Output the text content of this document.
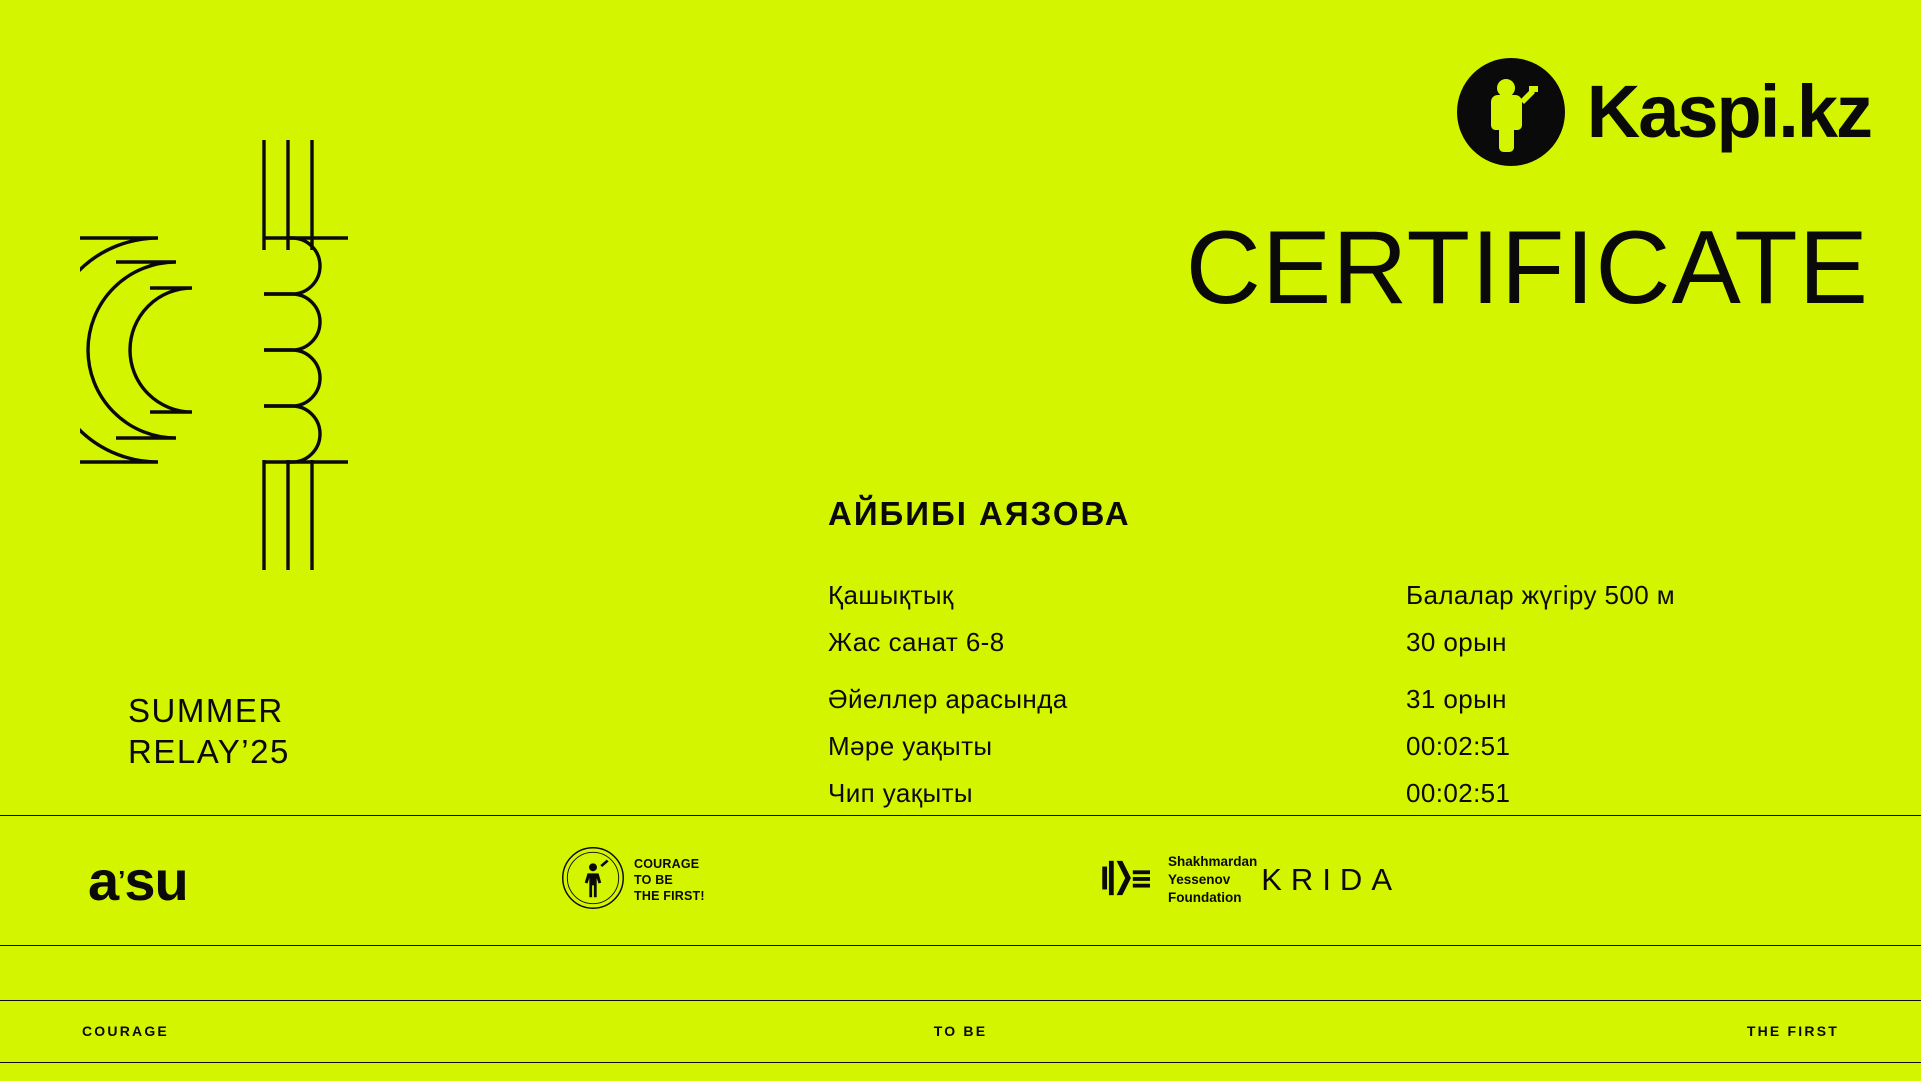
Kaspi.kz
CERTIFICATE
SUMMER
RELAY’25
АЙБИБІ АЯЗОВА
Қашықтық	Балалар жүгіру 500 м
Жас санат 6-8	30 орын
Әйеллер арасында	31 орын
Мәре уақыты	00:02:51
Чип уақыты	00:02:51
a ’ su	COURAGE
TO BE
THE FIRST!
Shakhmardan
Yessenov
Foundation
KRIDA
COURAGE	TO BE	THE FIRST
